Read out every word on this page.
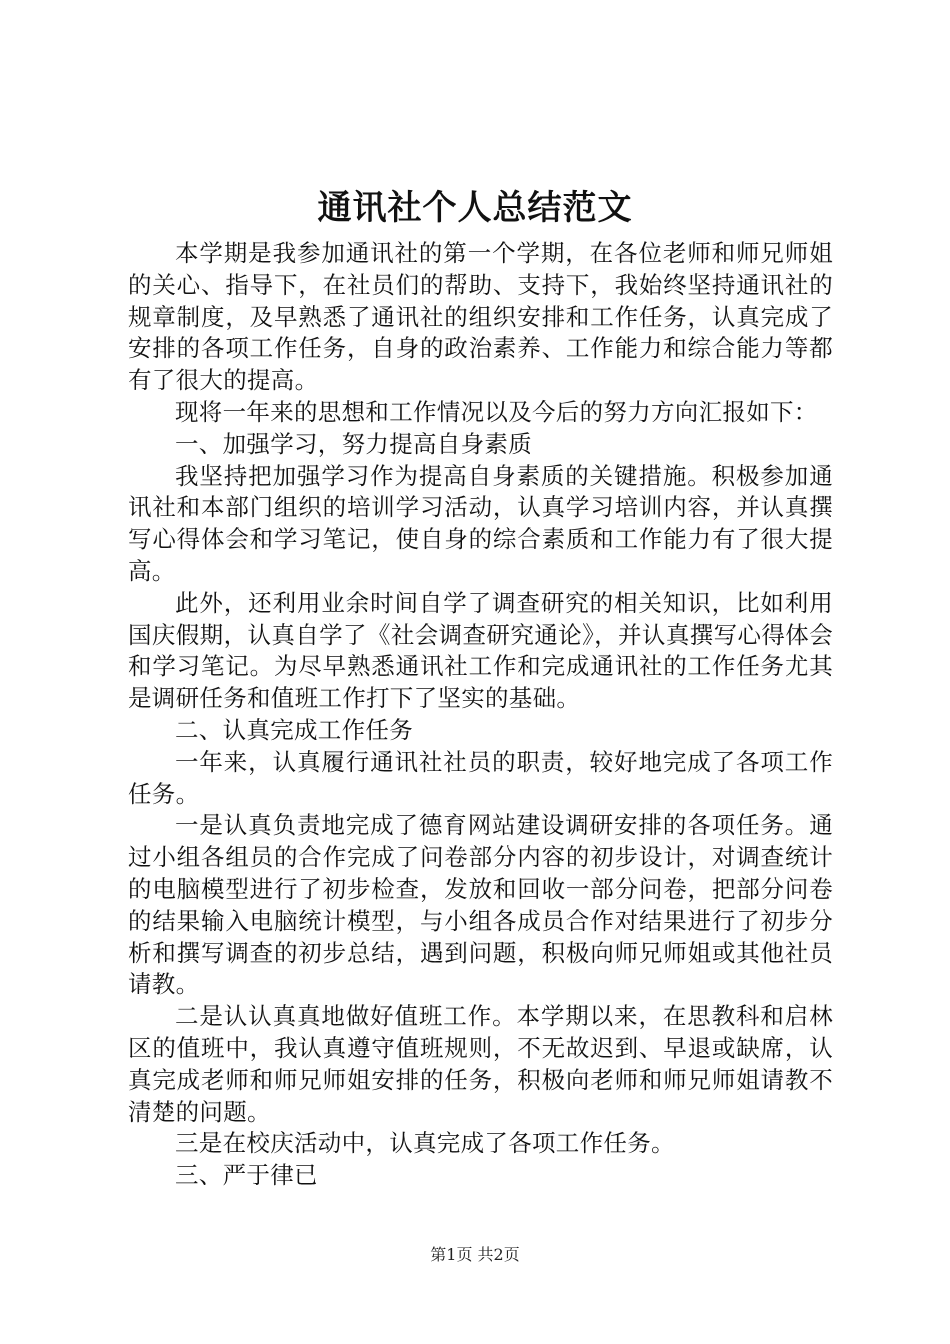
通讯社个人总结范文

本学期是我参加通讯社的第一个学期，在各位老师和师兄师姐的关心、指导下，在社员们的帮助、支持下，我始终坚持通讯社的规章制度，及早熟悉了通讯社的组织安排和工作任务，认真完成了安排的各项工作任务，自身的政治素养、工作能力和综合能力等都有了很大的提高。

现将一年来的思想和工作情况以及今后的努力方向汇报如下：

一、加强学习，努力提高自身素质

我坚持把加强学习作为提高自身素质的关键措施。积极参加通讯社和本部门组织的培训学习活动，认真学习培训内容，并认真撰写心得体会和学习笔记，使自身的综合素质和工作能力有了很大提高。

此外，还利用业余时间自学了调查研究的相关知识，比如利用国庆假期，认真自学了《社会调查研究通论》，并认真撰写心得体会和学习笔记。为尽早熟悉通讯社工作和完成通讯社的工作任务尤其是调研任务和值班工作打下了坚实的基础。

二、认真完成工作任务

一年来，认真履行通讯社社员的职责，较好地完成了各项工作任务。

一是认真负责地完成了德育网站建设调研安排的各项任务。通过小组各组员的合作完成了问卷部分内容的初步设计，对调查统计的电脑模型进行了初步检查，发放和回收一部分问卷，把部分问卷的结果输入电脑统计模型，与小组各成员合作对结果进行了初步分析和撰写调查的初步总结，遇到问题，积极向师兄师姐或其他社员请教。

二是认认真真地做好值班工作。本学期以来，在思教科和启林区的值班中，我认真遵守值班规则，不无故迟到、早退或缺席，认真完成老师和师兄师姐安排的任务，积极向老师和师兄师姐请教不清楚的问题。

三是在校庆活动中，认真完成了各项工作任务。

三、严于律已

第1页 共2页
